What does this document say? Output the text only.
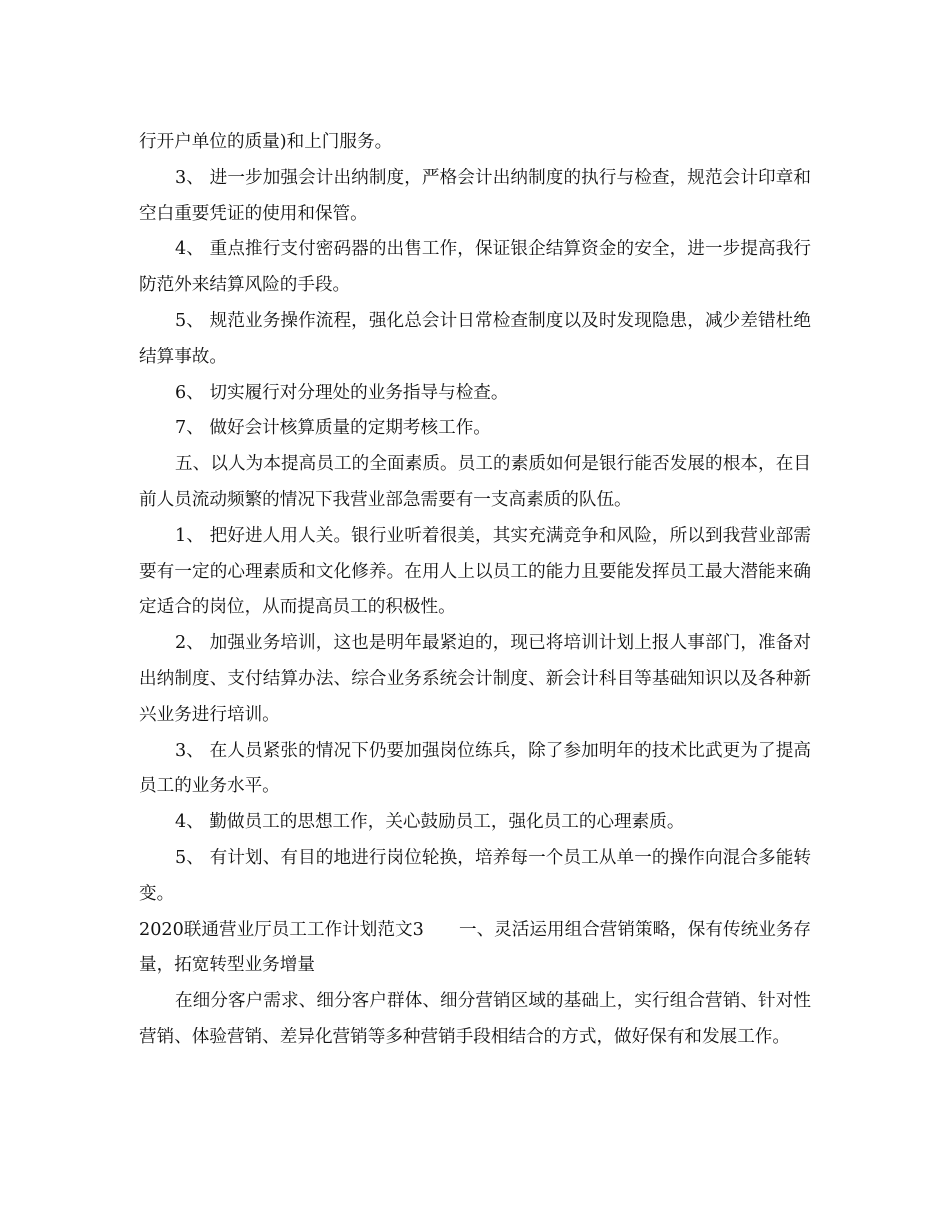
行开户单位的质量)和上门服务。

3、 进一步加强会计出纳制度，严格会计出纳制度的执行与检查，规范会计印章和空白重要凭证的使用和保管。

4、 重点推行支付密码器的出售工作，保证银企结算资金的安全，进一步提高我行防范外来结算风险的手段。

5、 规范业务操作流程，强化总会计日常检查制度以及时发现隐患，减少差错杜绝结算事故。

6、 切实履行对分理处的业务指导与检查。

7、 做好会计核算质量的定期考核工作。

五、以人为本提高员工的全面素质。员工的素质如何是银行能否发展的根本，在目前人员流动频繁的情况下我营业部急需要有一支高素质的队伍。

1、 把好进人用人关。银行业听着很美，其实充满竞争和风险，所以到我营业部需要有一定的心理素质和文化修养。在用人上以员工的能力且要能发挥员工最大潜能来确定适合的岗位，从而提高员工的积极性。

2、 加强业务培训，这也是明年最紧迫的，现已将培训计划上报人事部门，准备对出纳制度、支付结算办法、综合业务系统会计制度、新会计科目等基础知识以及各种新兴业务进行培训。

3、 在人员紧张的情况下仍要加强岗位练兵，除了参加明年的技术比武更为了提高员工的业务水平。

4、 勤做员工的思想工作，关心鼓励员工，强化员工的心理素质。

5、 有计划、有目的地进行岗位轮换，培养每一个员工从单一的操作向混合多能转变。

2020联通营业厅员工工作计划范文3　　一、灵活运用组合营销策略，保有传统业务存量，拓宽转型业务增量

在细分客户需求、细分客户群体、细分营销区域的基础上，实行组合营销、针对性营销、体验营销、差异化营销等多种营销手段相结合的方式，做好保有和发展工作。
